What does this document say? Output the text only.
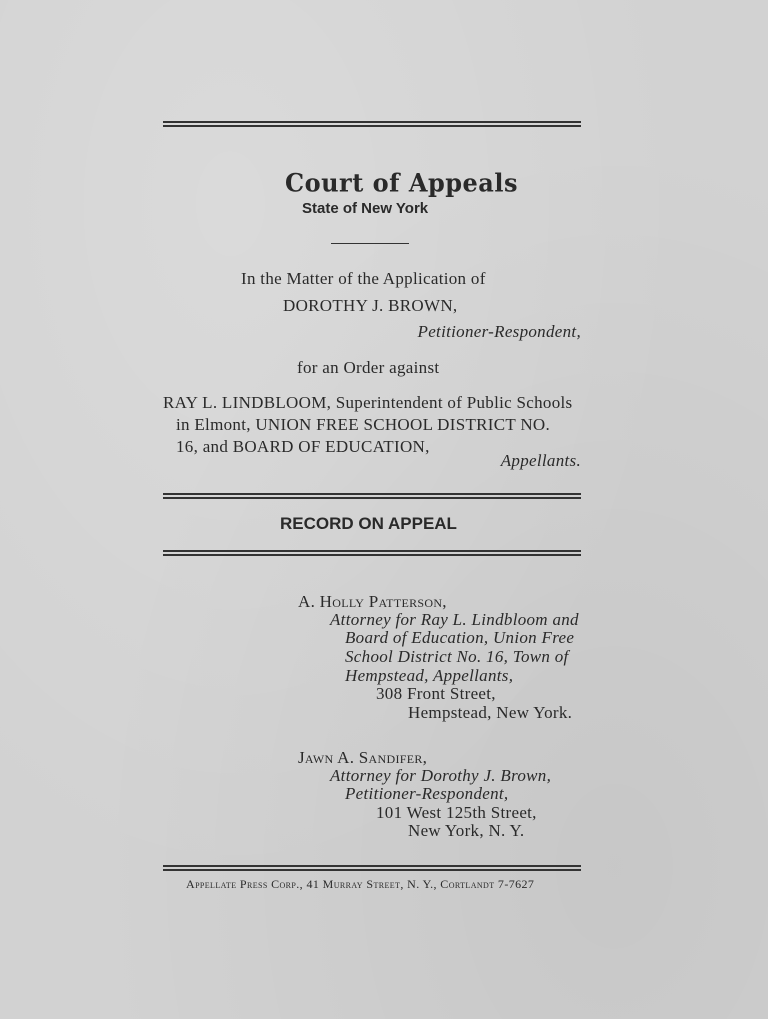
Court of Appeals
State of New York
In the Matter of the Application of
DOROTHY J. BROWN,
Petitioner-Respondent,
for an Order against
RAY L. LINDBLOOM, Superintendent of Public Schools
in Elmont, UNION FREE SCHOOL DISTRICT NO.
16, and BOARD OF EDUCATION,
Appellants.
RECORD ON APPEAL
A. Holly Patterson,
Attorney for Ray L. Lindbloom and
Board of Education, Union Free
School District No. 16, Town of
Hempstead, Appellants,
308 Front Street,
Hempstead, New York.
Jawn A. Sandifer,
Attorney for Dorothy J. Brown,
Petitioner-Respondent,
101 West 125th Street,
New York, N. Y.
Appellate Press Corp., 41 Murray Street, N. Y., Cortlandt 7-7627
